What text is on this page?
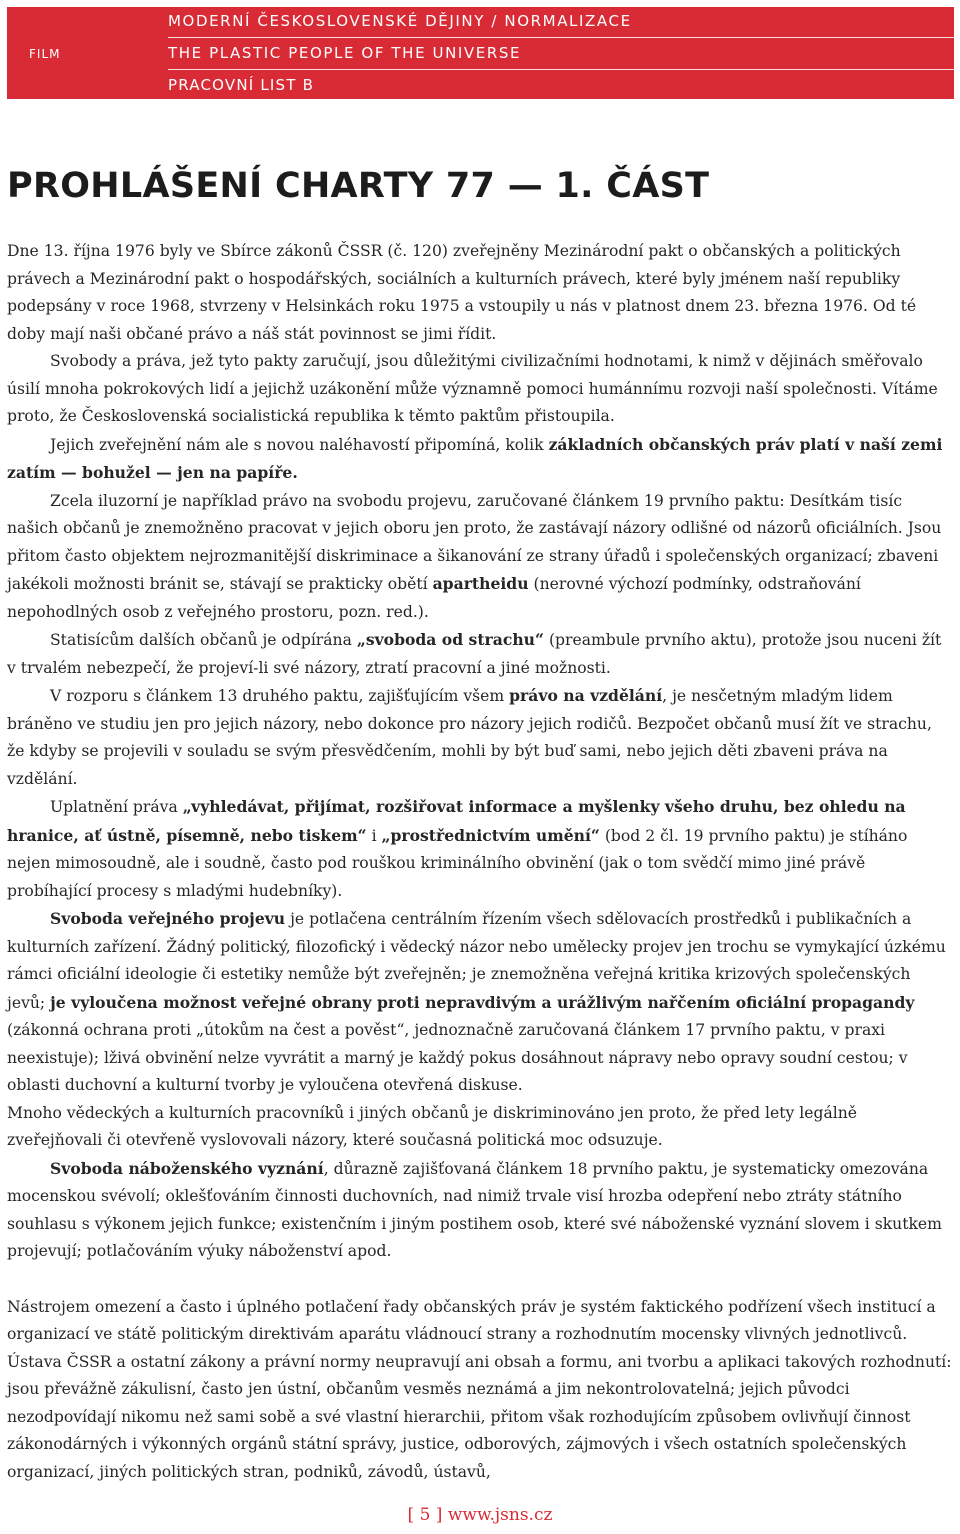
FILM
MODERNÍ ČESKOSLOVENSKÉ DĚJINY / NORMALIZACE
THE PLASTIC PEOPLE OF THE UNIVERSE
PRACOVNÍ LIST B
PROHLÁŠENÍ CHARTY 77 — 1. ČÁST

Dne 13. října 1976 byly ve Sbírce zákonů ČSSR (č. 120) zveřejněny Mezinárodní pakt o občanských a politických právech a Mezinárodní pakt o hospodářských, sociálních a kulturních právech, které byly jménem naší republiky podepsány v roce 1968, stvrzeny v Helsinkách roku 1975 a vstoupily u nás v platnost dnem 23. března 1976. Od té doby mají naši občané právo a náš stát povinnost se jimi řídit.

Svobody a práva, jež tyto pakty zaručují, jsou důležitými civilizačními hodnotami, k nimž v dějinách směřovalo úsilí mnoha pokrokových lidí a jejichž uzákonění může významně pomoci humánnímu rozvoji naší společnosti. Vítáme proto, že Československá socialistická republika k těmto paktům přistoupila.

Jejich zveřejnění nám ale s novou naléhavostí připomíná, kolik základních občanských práv platí v naší zemi zatím — bohužel — jen na papíře.

Zcela iluzorní je například právo na svobodu projevu, zaručované článkem 19 prvního paktu: Desítkám tisíc našich občanů je znemožněno pracovat v jejich oboru jen proto, že zastávají názory odlišné od názorů oficiálních. Jsou přitom často objektem nejrozmanitější diskriminace a šikanování ze strany úřadů i společenských organizací; zbaveni jakékoli možnosti bránit se, stávají se prakticky obětí apartheidu (nerovné výchozí podmínky, odstraňování nepohodlných osob z veřejného prostoru, pozn. red.).

Statisícům dalších občanů je odpírána „svoboda od strachu“ (preambule prvního aktu), protože jsou nuceni žít v trvalém nebezpečí, že projeví-li své názory, ztratí pracovní a jiné možnosti.

V rozporu s článkem 13 druhého paktu, zajišťujícím všem právo na vzdělání, je nesčetným mladým lidem bráněno ve studiu jen pro jejich názory, nebo dokonce pro názory jejich rodičů. Bezpočet občanů musí žít ve strachu, že kdyby se projevili v souladu se svým přesvědčením, mohli by být buď sami, nebo jejich děti zbaveni práva na vzdělání.

Uplatnění práva „vyhledávat, přijímat, rozšiřovat informace a myšlenky všeho druhu, bez ohledu na hranice, ať ústně, písemně, nebo tiskem“ i „prostřednictvím umění“ (bod 2 čl. 19 prvního paktu) je stíháno nejen mimosoudně, ale i soudně, často pod rouškou kriminálního obvinění (jak o tom svědčí mimo jiné právě probíhající procesy s mladými hudebníky).

Svoboda veřejného projevu je potlačena centrálním řízením všech sdělovacích prostředků i publikačních a kulturních zařízení. Žádný politický, filozofický i vědecký názor nebo umělecky projev jen trochu se vymykající úzkému rámci oficiální ideologie či estetiky nemůže být zveřejněn; je znemožněna veřejná kritika krizových společenských jevů; je vyloučena možnost veřejné obrany proti nepravdivým a urážlivým nařčením oficiální propagandy (zákonná ochrana proti „útokům na čest a pověst“, jednoznačně zaručovaná článkem 17 prvního paktu, v praxi neexistuje); lživá obvinění nelze vyvrátit a marný je každý pokus dosáhnout nápravy nebo opravy soudní cestou; v oblasti duchovní a kulturní tvorby je vyloučena otevřená diskuse.

Mnoho vědeckých a kulturních pracovníků i jiných občanů je diskriminováno jen proto, že před lety legálně zveřejňovali či otevřeně vyslovovali názory, které současná politická moc odsuzuje.

Svoboda náboženského vyznání, důrazně zajišťovaná článkem 18 prvního paktu, je systematicky omezována mocenskou svévolí; oklešťováním činnosti duchovních, nad nimiž trvale visí hrozba odepření nebo ztráty státního souhlasu s výkonem jejich funkce; existenčním i jiným postihem osob, které své náboženské vyznání slovem i skutkem projevují; potlačováním výuky náboženství apod.

Nástrojem omezení a často i úplného potlačení řady občanských práv je systém faktického podřízení všech institucí a organizací ve státě politickým direktivám aparátu vládnoucí strany a rozhodnutím mocensky vlivných jednotlivců. Ústava ČSSR a ostatní zákony a právní normy neupravují ani obsah a formu, ani tvorbu a aplikaci takových rozhodnutí: jsou převážně zákulisní, často jen ústní, občanům vesměs neznámá a jim nekontrolovatelná; jejich původci nezodpovídají nikomu než sami sobě a své vlastní hierarchii, přitom však rozhodujícím způsobem ovlivňují činnost zákonodárných i výkonných orgánů státní správy, justice, odborových, zájmových i všech ostatních společenských organizací, jiných politických stran, podniků, závodů, ústavů,

[ 5 ] www.jsns.cz
